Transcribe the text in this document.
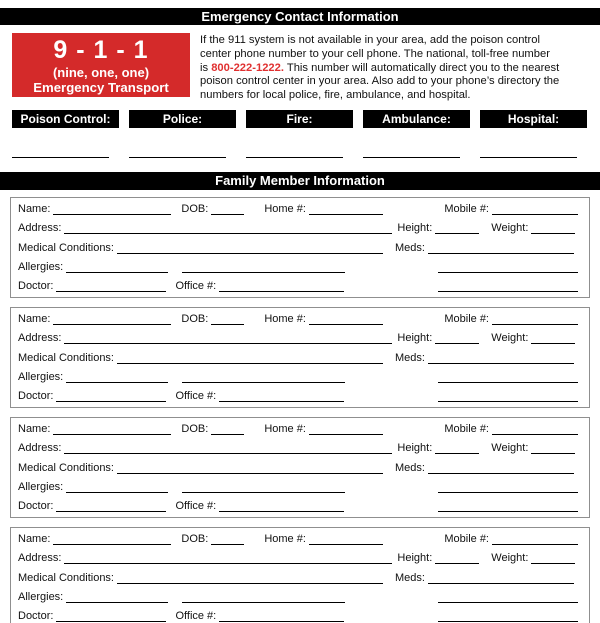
Emergency Contact Information
9 - 1 - 1
(nine, one, one)
Emergency Transport System
If the 911 system is not available in your area, add the poison control
center phone number to your cell phone. The national, toll-free number
is 800-222-1222. This number will automatically direct you to the nearest
poison control center in your area. Also add to your phone’s directory the
numbers for local police, fire, ambulance, and hospital.
Poison Control:	Police:	Fire:	Ambulance:	Hospital:
Family Member Information
Name:	DOB:	Home #:	Mobile #:
Address:	Height:	Weight:
Medical Conditions:	Meds:
Allergies:
Doctor:	Office #:
Name:	DOB:	Home #:	Mobile #:
Address:	Height:	Weight:
Medical Conditions:	Meds:
Allergies:
Doctor:	Office #:
Name:	DOB:	Home #:	Mobile #:
Address:	Height:	Weight:
Medical Conditions:	Meds:
Allergies:
Doctor:	Office #:
Name:	DOB:	Home #:	Mobile #:
Address:	Height:	Weight:
Medical Conditions:	Meds:
Allergies:
Doctor:	Office #:
